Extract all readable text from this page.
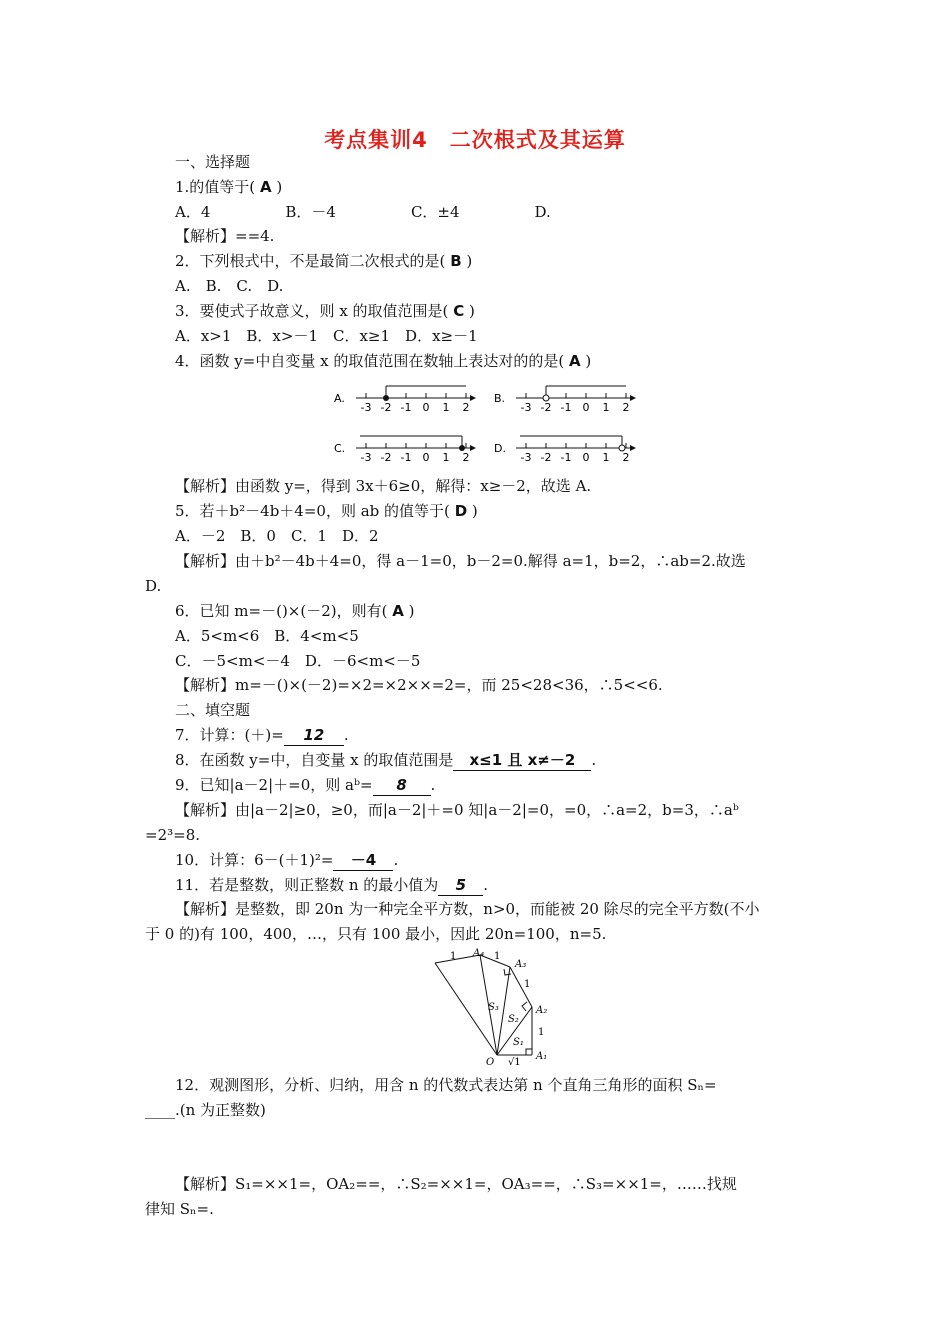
考点集训4　二次根式及其运算
一、选择题
1.的值等于( A )
A．4　　　　　B．－4　　　　　C．±4　　　　　D.
【解析】==4.
2．下列根式中，不是最简二次根式的是( B )
A.　B.　C.　D.
3．要使式子故意义，则 x 的取值范围是( C )
A．x>1　B．x>－1　C．x≥1　D．x≥－1
4．函数 y=中自变量 x 的取值范围在数轴上表达对的的是( A )
A.
-3 -2 -1 0 1 2
B.
-3 -2 -1 0 1 2
C.
-3 -2 -1 0 1 2
D.
-3 -2 -1 0 1 2
【解析】由函数 y=，得到 3x＋6≥0，解得：x≥－2，故选 A.
5．若＋b²－4b＋4=0，则 ab 的值等于( D )
A．－2　B．0　C．1　D．2
【解析】由＋b²－4b＋4=0，得 a－1=0，b－2=0.解得 a=1，b=2，∴ab=2.故选
D.
6．已知 m=－()×(－2)，则有( A )
A．5<m<6　B．4<m<5
C．－5<m<－4　D．－6<m<－5
【解析】m=－()×(－2)=×2=×2××=2=，而 25<28<36，∴5<<6.
二、填空题
7．计算：(＋)= 12 .
8．在函数 y=中，自变量 x 的取值范围是 x≤1 且 x≠－2 .
9．已知|a－2|＋=0，则 aᵇ= 8 .
【解析】由|a－2|≥0，≥0，而|a－2|＋=0 知|a－2|=0，=0，∴a=2，b=3，∴aᵇ
=2³=8.
10．计算：6－(＋1)²= －4 .
11．若是整数，则正整数 n 的最小值为 5 .
【解析】是整数，即 20n 为一种完全平方数，n>0，而能被 20 除尽的完全平方数(不小
于 0 的)有 100，400，…，只有 100 最小，因此 20n=100，n=5.
O
A₁
A₂
A₃
A₄
S₁
S₂
S₃
1
1
1
1
√1
12．观测图形，分析、归纳，用含 n 的代数式表达第 n 个直角三角形的面积 Sₙ=
____.(n 为正整数)
【解析】S₁=××1=，OA₂==，∴S₂=××1=，OA₃==，∴S₃=××1=，……找规
律知 Sₙ=.
